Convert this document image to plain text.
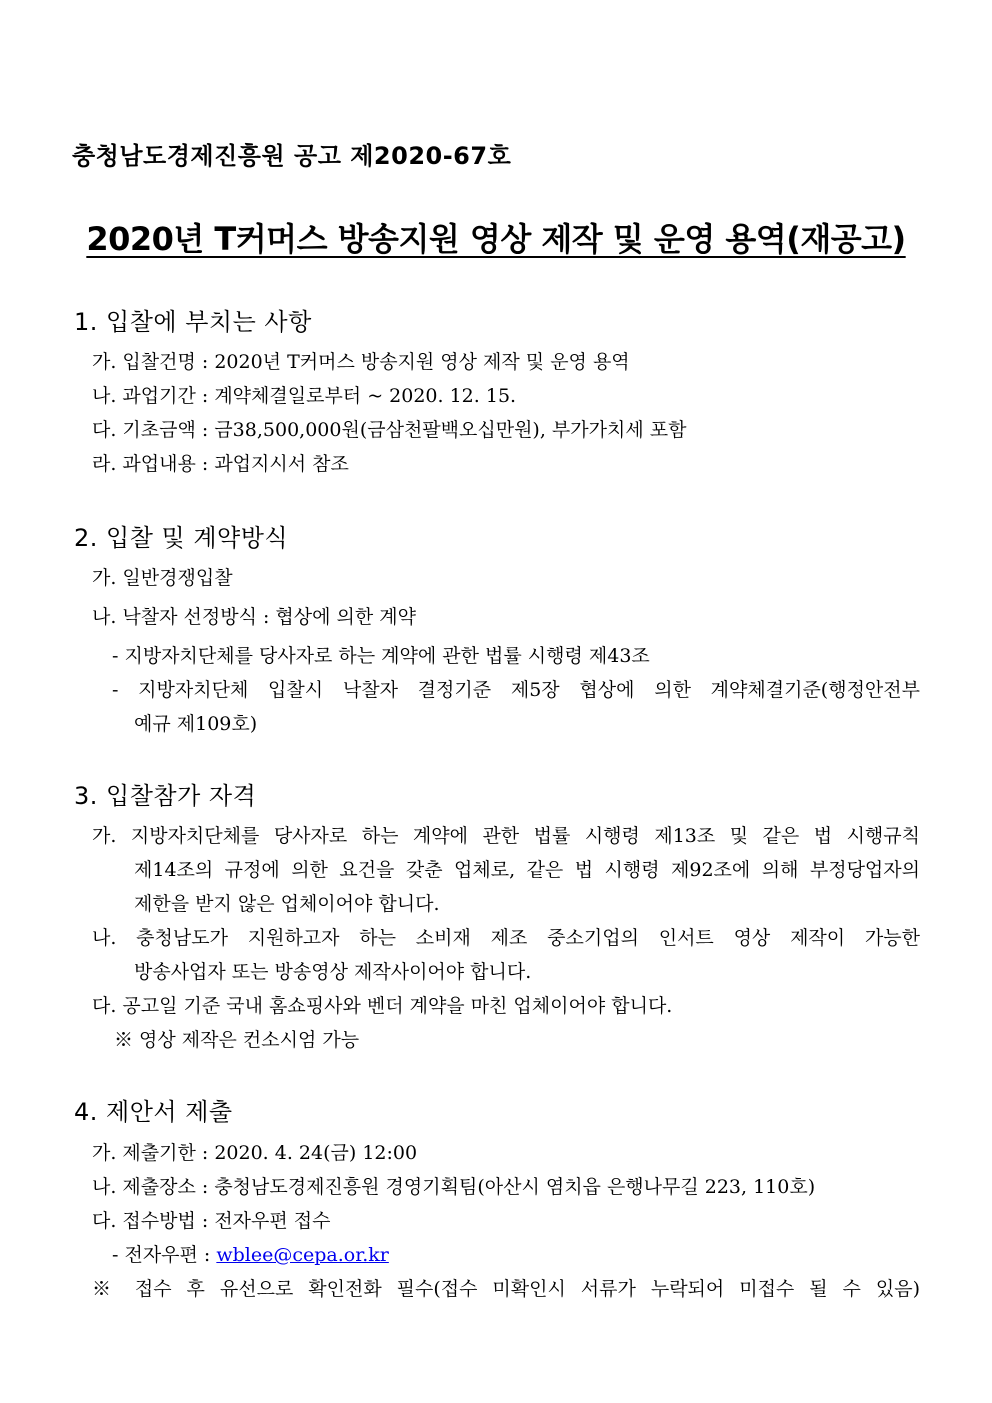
충청남도경제진흥원 공고 제2020-67호

2020년 T커머스 방송지원 영상 제작 및 운영 용역(재공고)

1. 입찰에 부치는 사항

가. 입찰건명 : 2020년 T커머스 방송지원 영상 제작 및 운영 용역

나. 과업기간 : 계약체결일로부터 ~ 2020. 12. 15.

다. 기초금액 : 금38,500,000원(금삼천팔백오십만원), 부가가치세 포함

라. 과업내용 : 과업지시서 참조

2. 입찰 및 계약방식

가. 일반경쟁입찰

나. 낙찰자 선정방식 : 협상에 의한 계약

- 지방자치단체를 당사자로 하는 계약에 관한 법률 시행령 제43조

- 지방자치단체 입찰시 낙찰자 결정기준 제5장 협상에 의한 계약체결기준(행정안전부

예규 제109호)

3. 입찰참가 자격

가. 지방자치단체를 당사자로 하는 계약에 관한 법률 시행령 제13조 및 같은 법 시행규칙

제14조의 규정에 의한 요건을 갖춘 업체로, 같은 법 시행령 제92조에 의해 부정당업자의

제한을 받지 않은 업체이어야 합니다.

나. 충청남도가 지원하고자 하는 소비재 제조 중소기업의 인서트 영상 제작이 가능한

방송사업자 또는 방송영상 제작사이어야 합니다.

다. 공고일 기준 국내 홈쇼핑사와 벤더 계약을 마친 업체이어야 합니다.

※ 영상 제작은 컨소시엄 가능

4. 제안서 제출

가. 제출기한 : 2020. 4. 24(금) 12:00

나. 제출장소 : 충청남도경제진흥원 경영기획팀(아산시 염치읍 은행나무길 223, 110호)

다. 접수방법 : 전자우편 접수

- 전자우편 : wblee@cepa.or.kr

※ 접수 후 유선으로 확인전화 필수(접수 미확인시 서류가 누락되어 미접수 될 수 있음)
